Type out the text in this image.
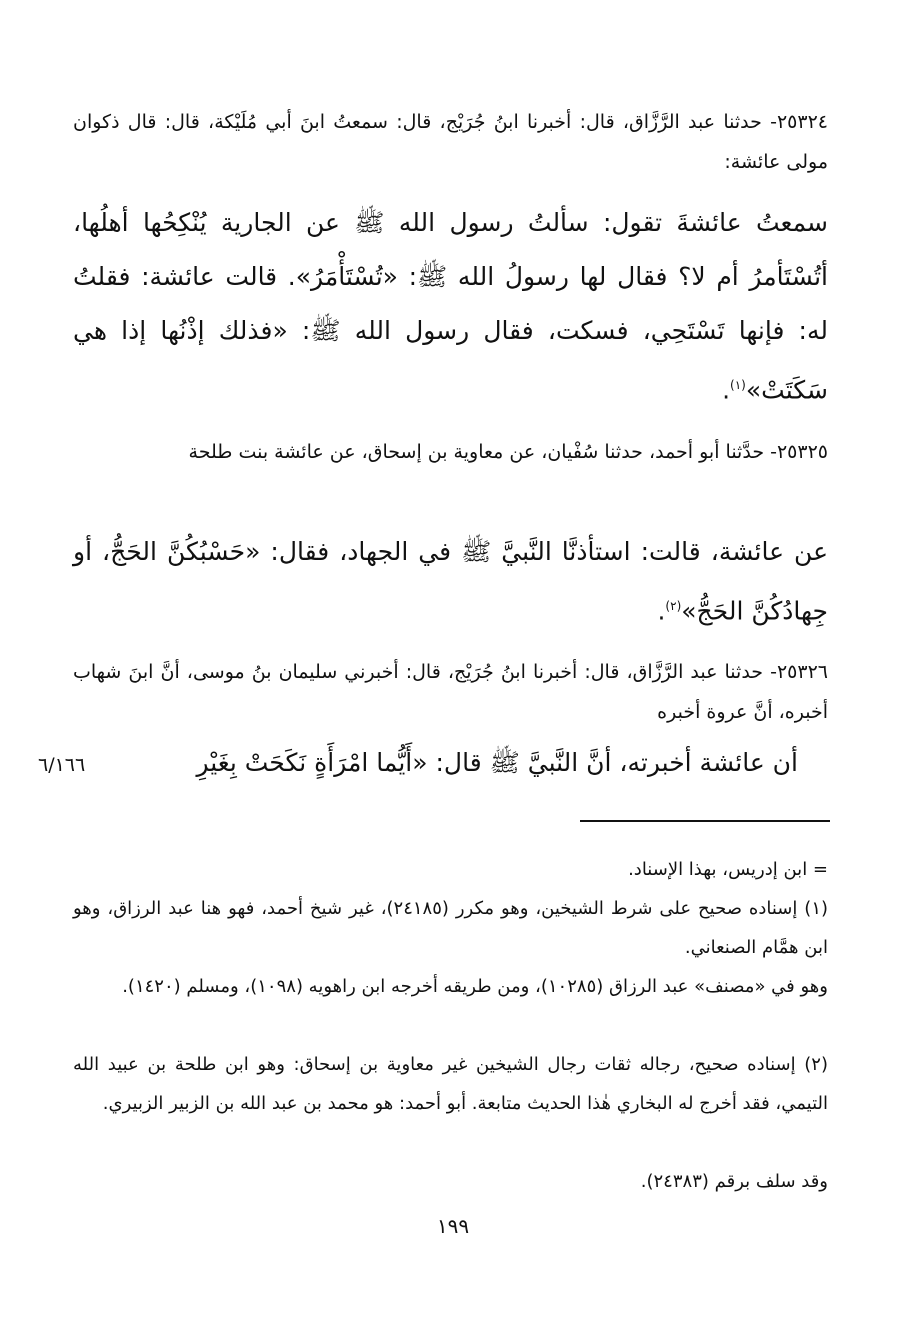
٢٥٣٢٤- حدثنا عبد الرَّزَّاق، قال: أخبرنا ابنُ جُرَيْج، قال: سمعتُ ابنَ أبي مُلَيْكة، قال: قال ذكوان مولى عائشة:

سمعتُ عائشةَ تقول: سألتُ رسول الله ﷺ عن الجارية يُنْكِحُها أهلُها، أتُسْتَأمرُ أم لا؟ فقال لها رسولُ الله ﷺ: «تُسْتَأْمَرُ». قالت عائشة: فقلتُ له: فإنها تَسْتَحِي، فسكت، فقال رسول الله ﷺ: «فذلك إذْنُها إذا هي سَكَتَتْ»$^{(١)}$.

٢٥٣٢٥- حدَّثنا أبو أحمد، حدثنا سُفْيان، عن معاوية بن إسحاق، عن عائشة بنت طلحة

عن عائشة، قالت: استأذنَّا النَّبيَّ ﷺ في الجهاد، فقال: «حَسْبُكُنَّ الحَجُّ، أو جِهادُكُنَّ الحَجُّ»$^{(٢)}$.

٢٥٣٢٦- حدثنا عبد الرَّزَّاق، قال: أخبرنا ابنُ جُرَيْج، قال: أخبرني سليمان بنُ موسى، أنَّ ابنَ شهاب أخبره، أنَّ عروة أخبره

أن عائشة أخبرته، أنَّ النَّبيَّ ﷺ قال: «أَيُّما امْرَأَةٍ نَكَحَتْ بِغَيْرِ

٦/١٦٦

= ابن إدريس، بهذا الإسناد.

(١) إسناده صحيح على شرط الشيخين، وهو مكرر (٢٤١٨٥)، غير شيخ أحمد، فهو هنا عبد الرزاق، وهو ابن همَّام الصنعاني.

وهو في «مصنف» عبد الرزاق (١٠٢٨٥)، ومن طريقه أخرجه ابن راهويه (١٠٩٨)، ومسلم (١٤٢٠).

(٢) إسناده صحيح، رجاله ثقات رجال الشيخين غير معاوية بن إسحاق: وهو ابن طلحة بن عبيد الله التيمي، فقد أخرج له البخاري هٰذا الحديث متابعة. أبو أحمد: هو محمد بن عبد الله بن الزبير الزبيري.

وقد سلف برقم (٢٤٣٨٣).

١٩٩
